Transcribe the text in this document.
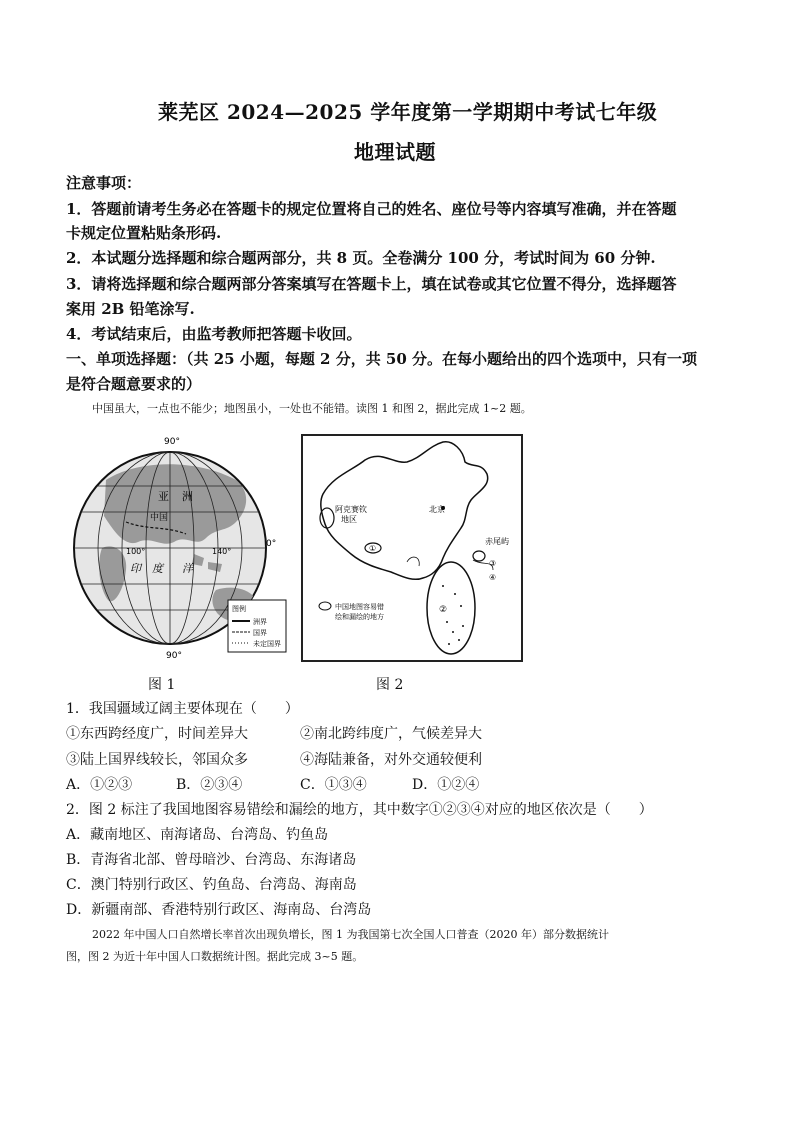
莱芜区 2024—2025 学年度第一学期期中考试七年级
地理试题
注意事项：
1．答题前请考生务必在答题卡的规定位置将自己的姓名、座位号等内容填写准确，并在答题
卡规定位置粘贴条形码.
2．本试题分选择题和综合题两部分，共 8 页。全卷满分 100 分，考试时间为 60 分钟.
3．请将选择题和综合题两部分答案填写在答题卡上，填在试卷或其它位置不得分，选择题答
案用 2B 铅笔涂写.
4．考试结束后，由监考教师把答题卡收回。
一、单项选择题：（共 25 小题，每题 2 分，共 50 分。在每小题给出的四个选项中，只有一项
是符合题意要求的）
中国虽大，一点也不能少；地图虽小，一处也不能错。读图 1 和图 2，据此完成 1~2 题。
90°
90°
亚 洲
中国
印 度 洋
0°
140°
100°
图例
洲界
国界
未定国界
图 1
阿克赛钦
地区
北京
①
赤尾屿
③
④
②
中国地图容易错
绘和漏绘的地方
图 2
1．我国疆域辽阔主要体现在（　　）
①东西跨经度广，时间差异大	②南北跨纬度广，气候差异大
③陆上国界线较长，邻国众多	④海陆兼备，对外交通较便利
A．①②③	B．②③④	C．①③④	D．①②④
2．图 2 标注了我国地图容易错绘和漏绘的地方，其中数字①②③④对应的地区依次是（　　）
A．藏南地区、南海诸岛、台湾岛、钓鱼岛
B．青海省北部、曾母暗沙、台湾岛、东海诸岛
C．澳门特别行政区、钓鱼岛、台湾岛、海南岛
D．新疆南部、香港特别行政区、海南岛、台湾岛
2022 年中国人口自然增长率首次出现负增长，图 1 为我国第七次全国人口普查（2020 年）部分数据统计
图，图 2 为近十年中国人口数据统计图。据此完成 3~5 题。
